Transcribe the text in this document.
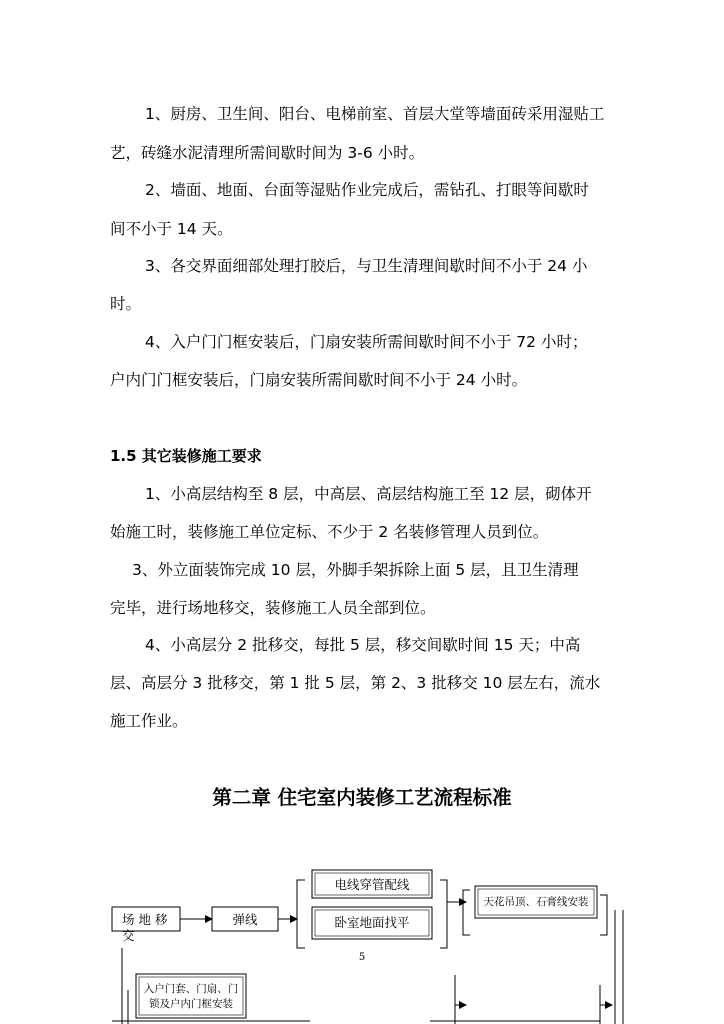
1、厨房、卫生间、阳台、电梯前室、首层大堂等墙面砖采用湿贴工
艺，砖缝水泥清理所需间歇时间为 3-6 小时。
2、墙面、地面、台面等湿贴作业完成后，需钻孔、打眼等间歇时
间不小于 14 天。
3、各交界面细部处理打胶后，与卫生清理间歇时间不小于 24 小
时。
4、入户门门框安装后，门扇安装所需间歇时间不小于 72 小时；
户内门门框安装后，门扇安装所需间歇时间不小于 24 小时。
1.5 其它装修施工要求
1、小高层结构至 8 层，中高层、高层结构施工至 12 层，砌体开
始施工时，装修施工单位定标、不少于 2 名装修管理人员到位。
3、外立面装饰完成 10 层，外脚手架拆除上面 5 层，且卫生清理
完毕，进行场地移交，装修施工人员全部到位。
4、小高层分 2 批移交，每批 5 层，移交间歇时间 15 天；中高
层、高层分 3 批移交，第 1 批 5 层，第 2、3 批移交 10 层左右，流水
施工作业。
第二章 住宅室内装修工艺流程标准
场 地 移
交
弹线
电线穿管配线
卧室地面找平
天花吊顶、石膏线安装
5
入户门套、门扇、门
锁及户内门框安装
